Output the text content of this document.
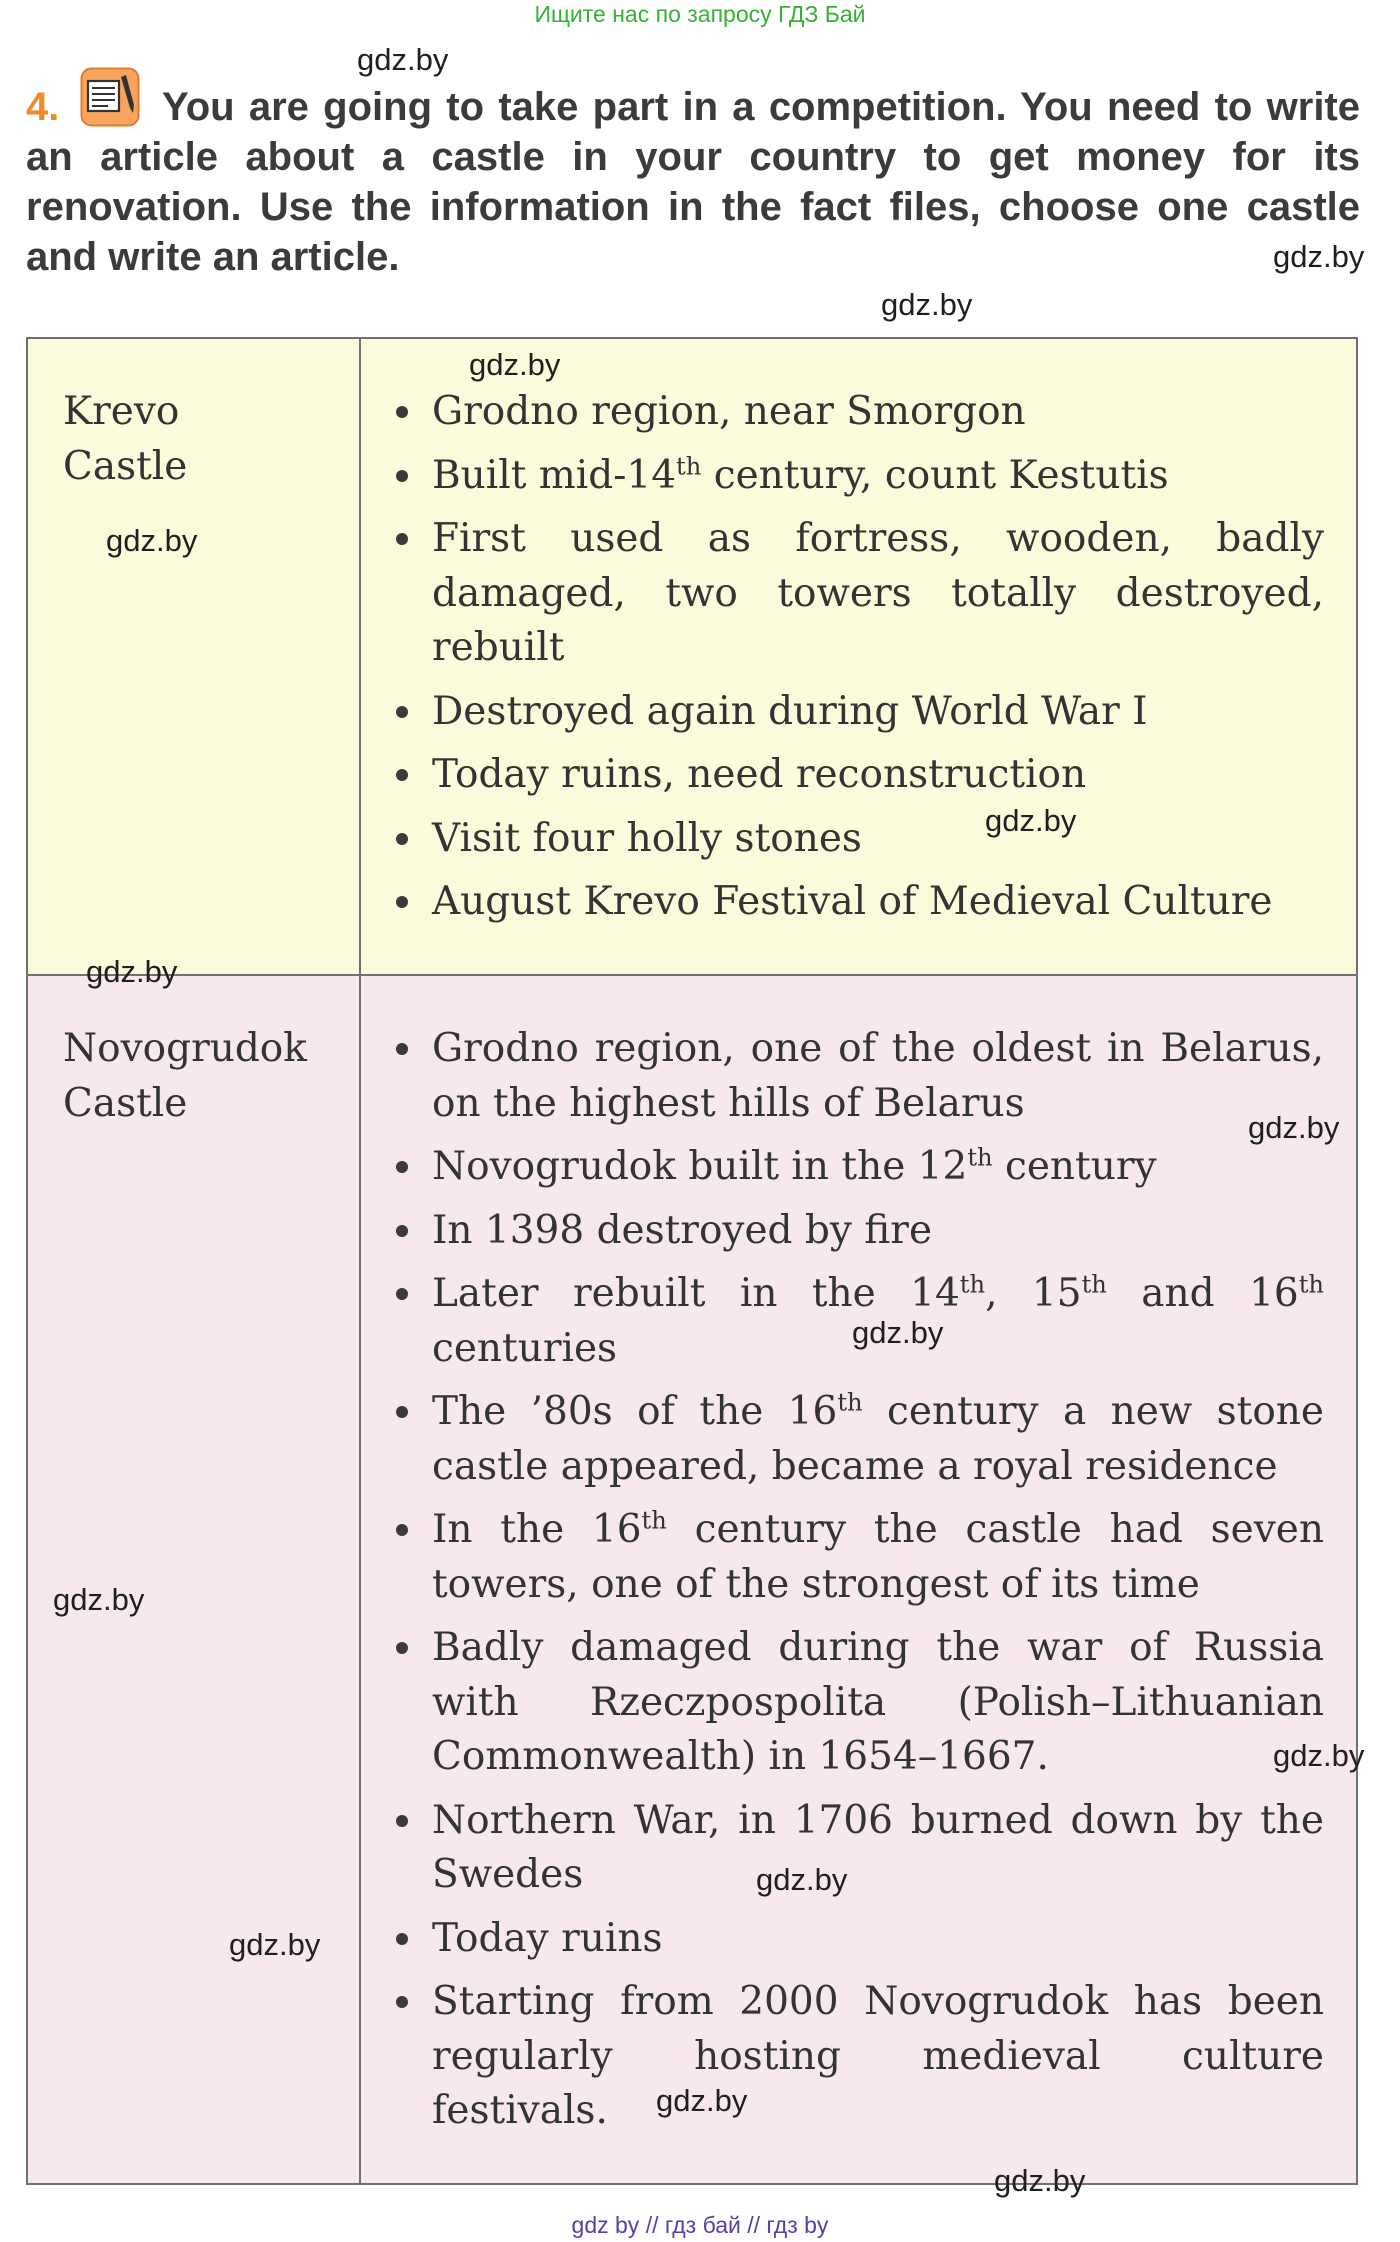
Ищите нас по запросу ГДЗ Бай
4.	You are going to take part in a competition. You need to write
an article about a castle in your country to get money for its
renovation. Use the information in the fact files, choose one castle
and write an article.
Krevo Castle
Grodno region, near Smorgon
Built mid-14th century, count Kestutis
First used as fortress, wooden, badly
damaged, two towers totally destroyed,
rebuilt
Destroyed again during World War I
Today ruins, need reconstruction
Visit four holly stones
August Krevo Festival of Medieval Culture
Novogrudok Castle
Grodno region, one of the oldest in Belarus,
on the highest hills of Belarus
Novogrudok built in the 12th century
In 1398 destroyed by fire
Later rebuilt in the 14th, 15th and 16th
centuries
The ’80s of the 16th century a new stone
castle appeared, became a royal residence
In the 16th century the castle had seven
towers, one of the strongest of its time
Badly damaged during the war of Russia
with Rzeczpospolita (Polish–Lithuanian
Commonwealth) in 1654–1667.
Northern War, in 1706 burned down by the
Swedes
Today ruins
Starting from 2000 Novogrudok has been
regularly hosting medieval culture
festivals.
gdz.by
gdz.by
gdz.by
gdz.by
gdz.by
gdz.by
gdz.by
gdz.by
gdz.by
gdz.by
gdz.by
gdz.by
gdz.by
gdz.by
gdz.by
gdz by // гдз бай // гдз by
